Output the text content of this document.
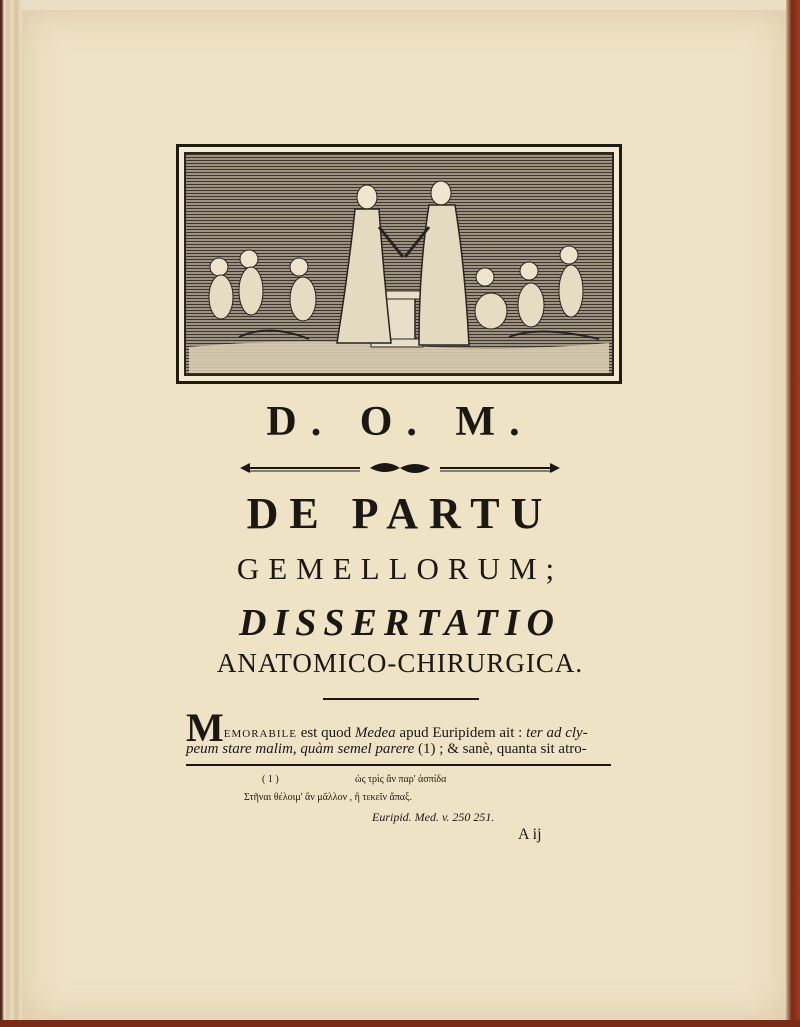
D. O. M.
DE PARTU
GEMELLORUM;
DISSERTATIO
ANATOMICO-CHIRURGICA.
MEMORABILE est quod Medea apud Euripidem ait : ter ad cly-
peum stare malim, quàm semel parere (1) ; & sanè, quanta sit atro-
( 1 )	ὡς τρὶς ἂν παρ' ἀσπίδα
Στῆναι θέλοιμ' ἂν μᾶλλον , ἢ τεκεῖν ἅπαξ.
Euripid. Med. v. 250 251.
A ij
